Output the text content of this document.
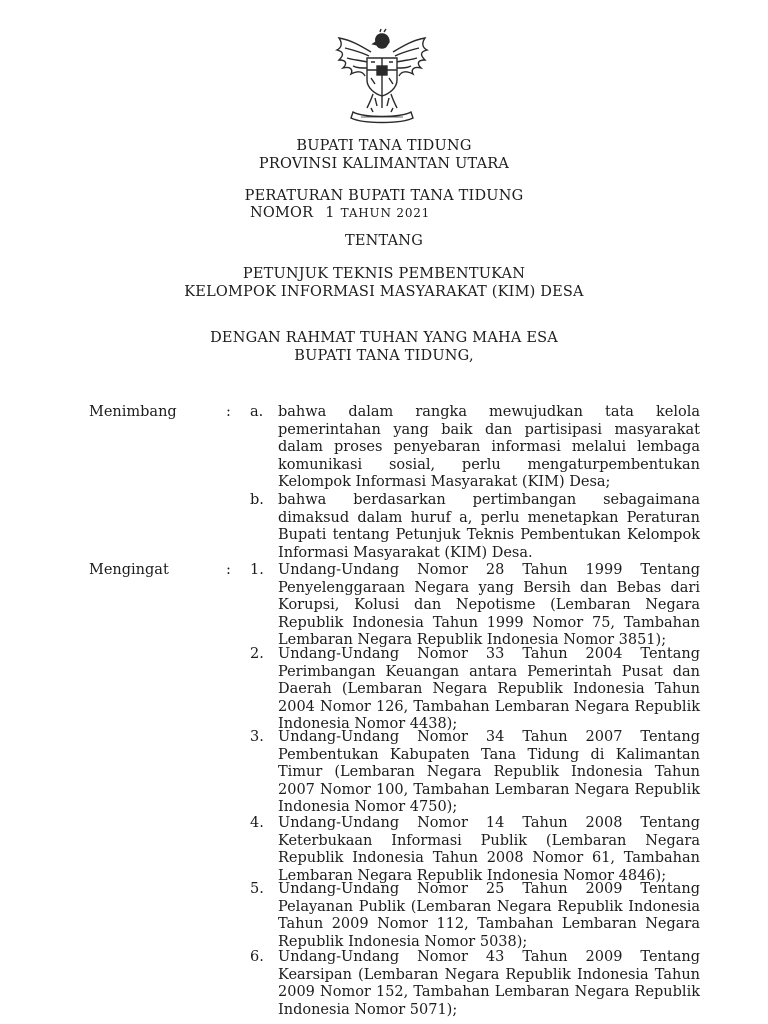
BUPATI TANA TIDUNG
PROVINSI KALIMANTAN UTARA
PERATURAN BUPATI TANA TIDUNG
NOMOR 1 TAHUN 2021
TENTANG
PETUNJUK TEKNIS PEMBENTUKAN
KELOMPOK INFORMASI MASYARAKAT (KIM) DESA
DENGAN RAHMAT TUHAN YANG MAHA ESA
BUPATI TANA TIDUNG,
Menimbang	: a. bahwa dalam rangka mewujudkan tata kelola pemerintahan yang baik dan partisipasi masyarakat dalam proses penyebaran informasi melalui lembaga komunikasi sosial, perlu mengaturpembentukan Kelompok Informasi Masyarakat (KIM) Desa;
b. bahwa berdasarkan pertimbangan sebagaimana dimaksud dalam huruf a, perlu menetapkan Peraturan Bupati tentang Petunjuk Teknis Pembentukan Kelompok Informasi Masyarakat (KIM) Desa.
Mengingat	: 1. Undang-Undang Nomor 28 Tahun 1999 Tentang Penyelenggaraan Negara yang Bersih dan Bebas dari Korupsi, Kolusi dan Nepotisme (Lembaran Negara Republik Indonesia Tahun 1999 Nomor 75, Tambahan Lembaran Negara Republik Indonesia Nomor 3851);
2. Undang-Undang Nomor 33 Tahun 2004 Tentang Perimbangan Keuangan antara Pemerintah Pusat dan Daerah (Lembaran Negara Republik Indonesia Tahun 2004 Nomor 126, Tambahan Lembaran Negara Republik Indonesia Nomor 4438);
3. Undang-Undang Nomor 34 Tahun 2007 Tentang Pembentukan Kabupaten Tana Tidung di Kalimantan Timur (Lembaran Negara Republik Indonesia Tahun 2007 Nomor 100, Tambahan Lembaran Negara Republik Indonesia Nomor 4750);
4. Undang-Undang Nomor 14 Tahun 2008 Tentang Keterbukaan Informasi Publik (Lembaran Negara Republik Indonesia Tahun 2008 Nomor 61, Tambahan Lembaran Negara Republik Indonesia Nomor 4846);
5. Undang-Undang Nomor 25 Tahun 2009 Tentang Pelayanan Publik (Lembaran Negara Republik Indonesia Tahun 2009 Nomor 112, Tambahan Lembaran Negara Republik Indonesia Nomor 5038);
6. Undang-Undang Nomor 43 Tahun 2009 Tentang Kearsipan (Lembaran Negara Republik Indonesia Tahun 2009 Nomor 152, Tambahan Lembaran Negara Republik Indonesia Nomor 5071);
